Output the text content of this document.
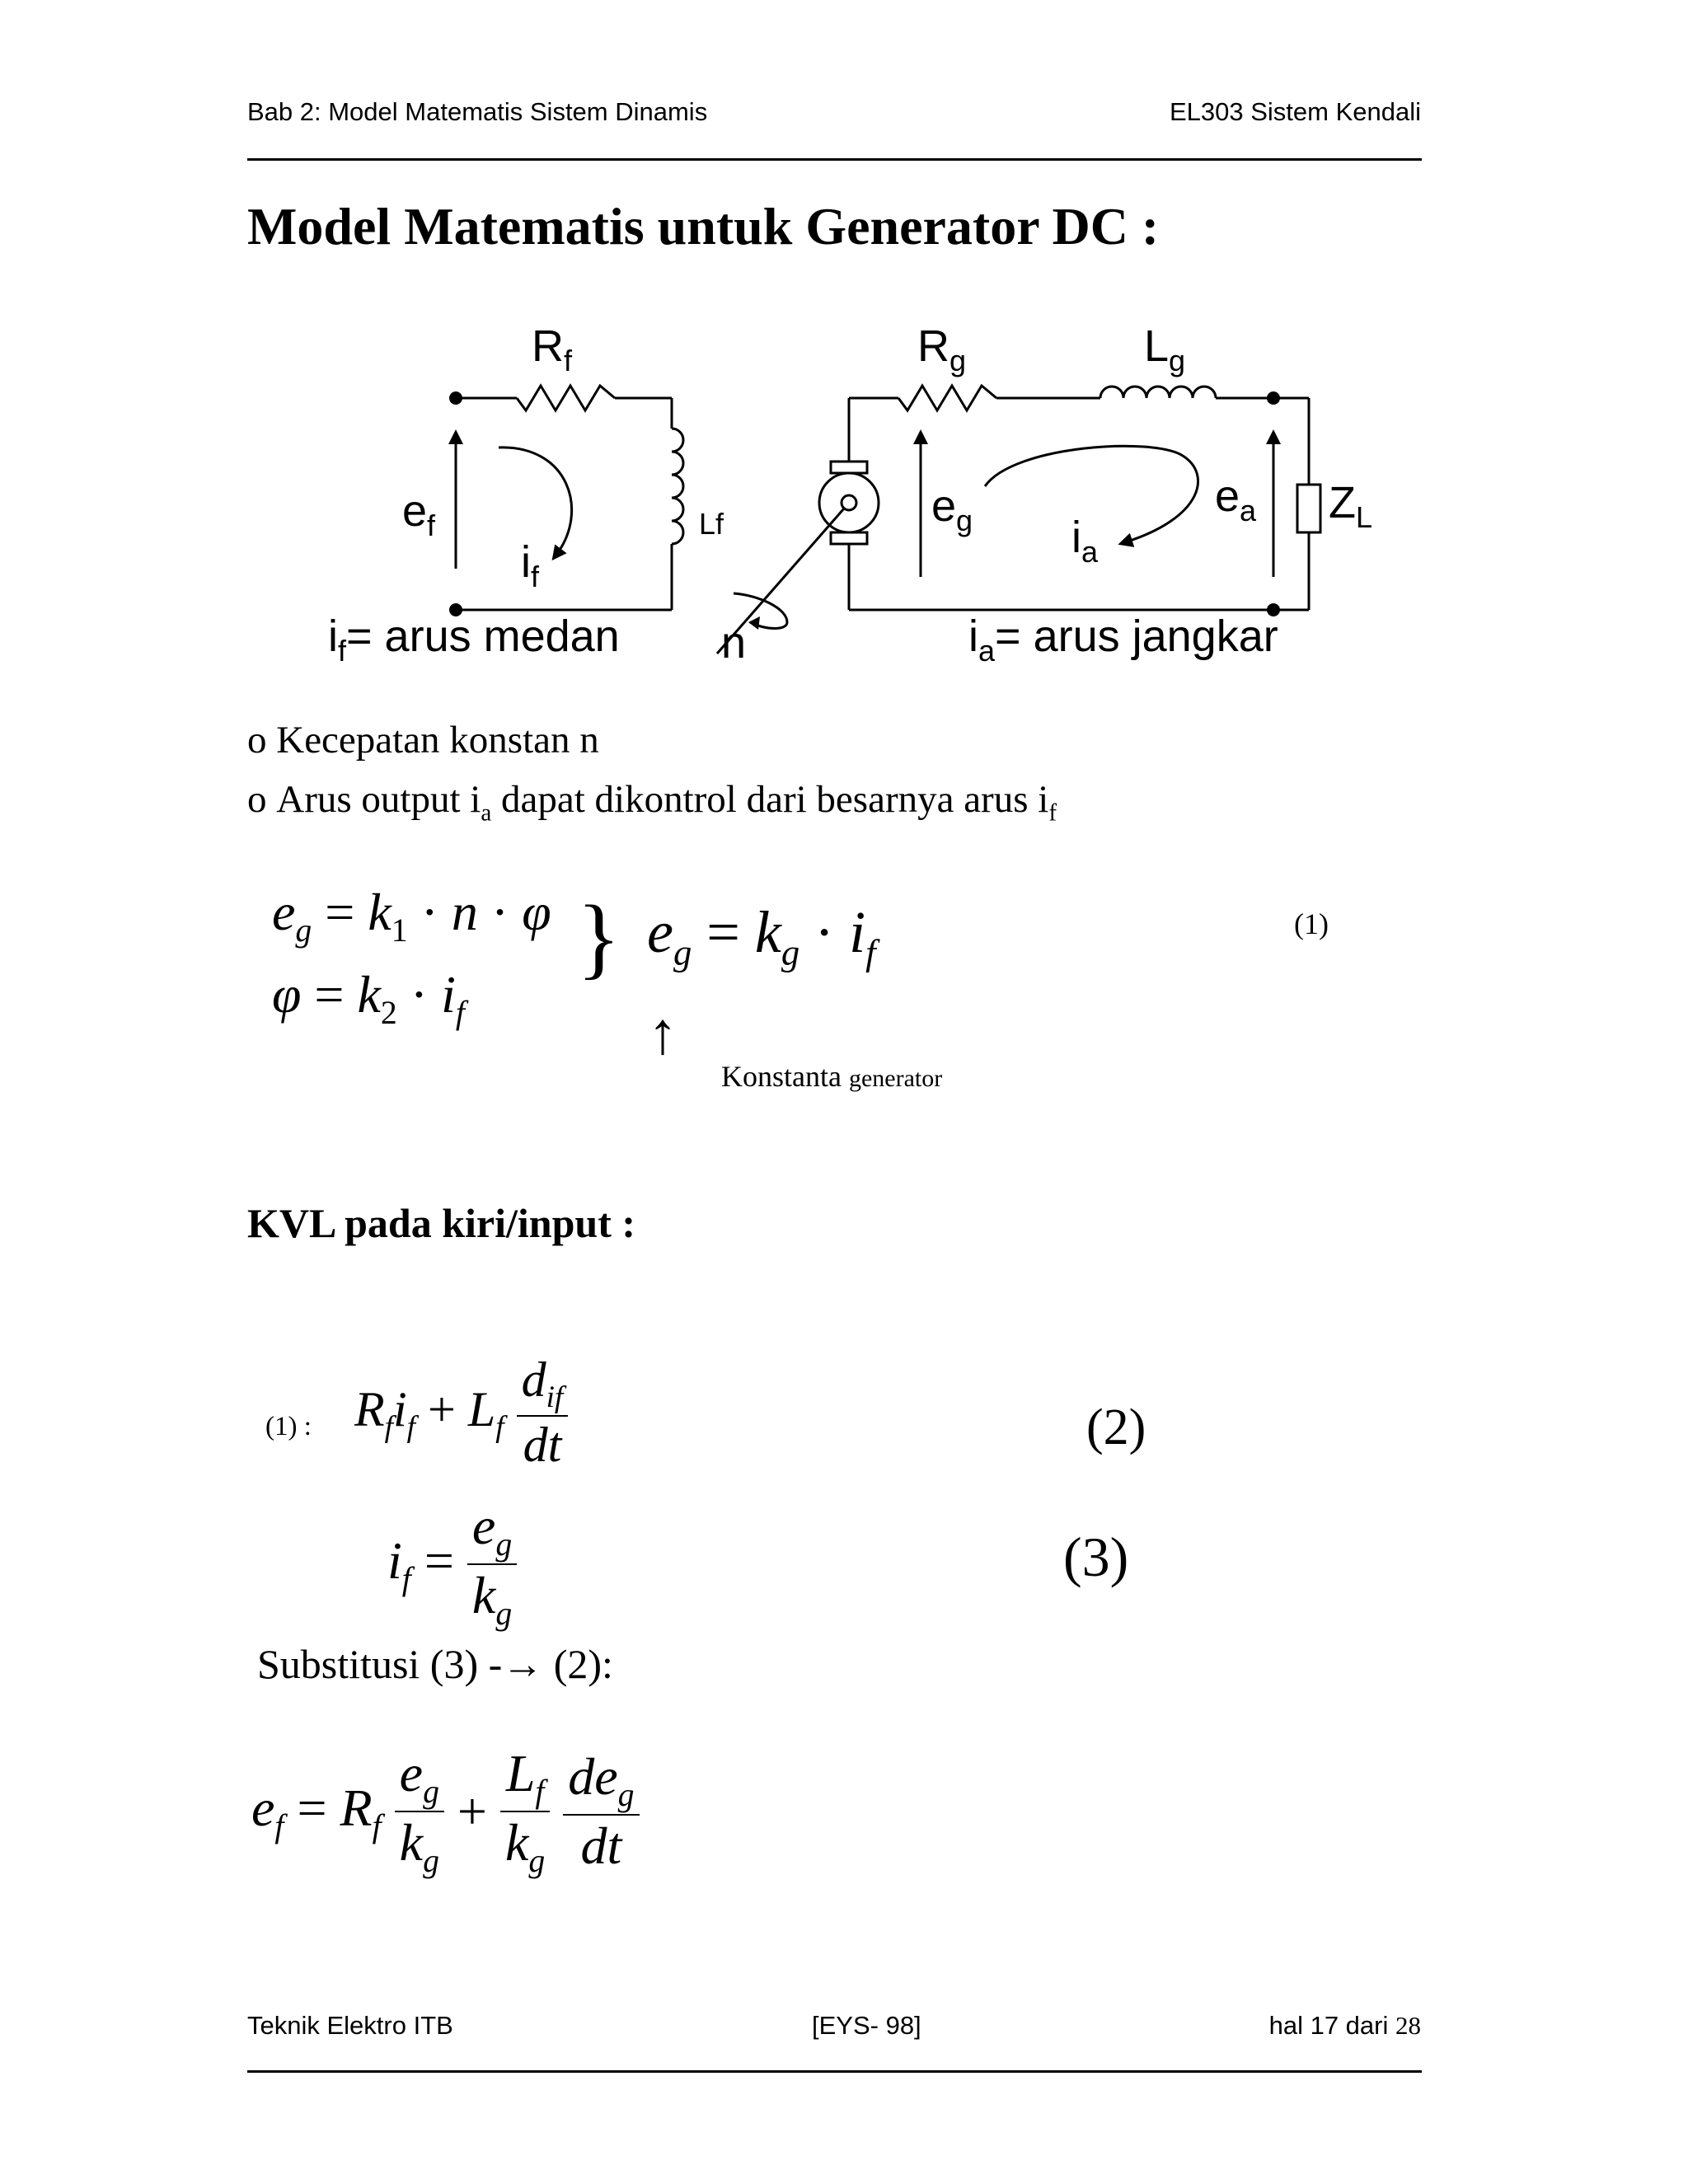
Bab 2: Model Matematis Sistem Dinamis	EL303 Sistem Kendali
Model Matematis untuk Generator DC :
$R_f$	$R_g$	$L_g$
$e_f$
$i_f$
Lf	$e_g$	$e_a$
$i_a$
$Z_L$
$i_f=$ arus medan n	$i_a=$ arus jangkar
o Kecepatan konstan n
o Arus output $i_a$ dapat dikontrol dari besarnya arus $i_f$
$e_g = k_1 \cdot n \cdot \varphi$
$\varphi = k_2 \cdot i_f$
} $e_g = k_g \cdot i_f$
(1)
↑
Konstanta generator
KVL pada kiri/input :
(1) : $R_fi_f + L_f \frac{d_{if}}{dt}$	(2)
$i_f = \frac{e_g}{k_g}$	(3)
Substitusi (3) -→ (2):
$e_f = R_f \frac{e_g}{k_g} + \frac{L_f}{k_g}$
$\frac{de_g}{dt}$
Teknik Elektro ITB	[EYS- 98]	hal 17 dari 28
